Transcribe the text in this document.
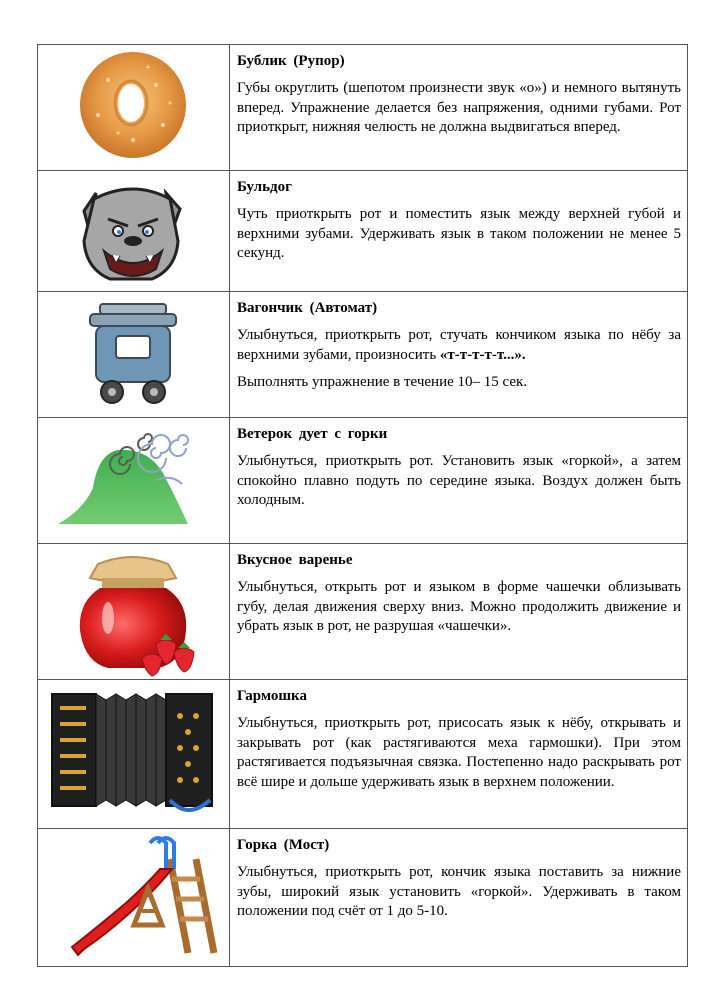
Бублик (Рупор)
Губы округлить (шепотом произнести звук «о») и немного вытянуть вперед. Упражнение делается без напряжения, одними губами. Рот приоткрыт, нижняя челюсть не должна выдвигаться вперед.

Бульдог
Чуть приоткрыть рот и поместить язык между верхней губой и верхними зубами. Удерживать язык в таком положении не менее 5 секунд.

Вагончик (Автомат)
Улыбнуться, приоткрыть рот, стучать кончиком языка по нёбу за верхними зубами, произносить «т-т-т-т-т...».
Выполнять упражнение в течение 10– 15 сек.

Ветерок дует с горки
Улыбнуться, приоткрыть рот. Установить язык «горкой», а затем спокойно плавно подуть по середине языка. Воздух должен быть холодным.

Вкусное варенье
Улыбнуться, открыть рот и языком в форме чашечки облизывать губу, делая движения сверху вниз. Можно продолжить движение и убрать язык в рот, не разрушая «чашечки».

Гармошка
Улыбнуться, приоткрыть рот, присосать язык к нёбу, открывать и закрывать рот (как растягиваются меха гармошки). При этом растягивается подъязычная связка. Постепенно надо раскрывать рот всё шире и дольше удерживать язык в верхнем положении.

Горка (Мост)
Улыбнуться, приоткрыть рот, кончик языка поставить за нижние зубы, широкий язык установить «горкой». Удерживать в таком положении под счёт от 1 до 5-10.
